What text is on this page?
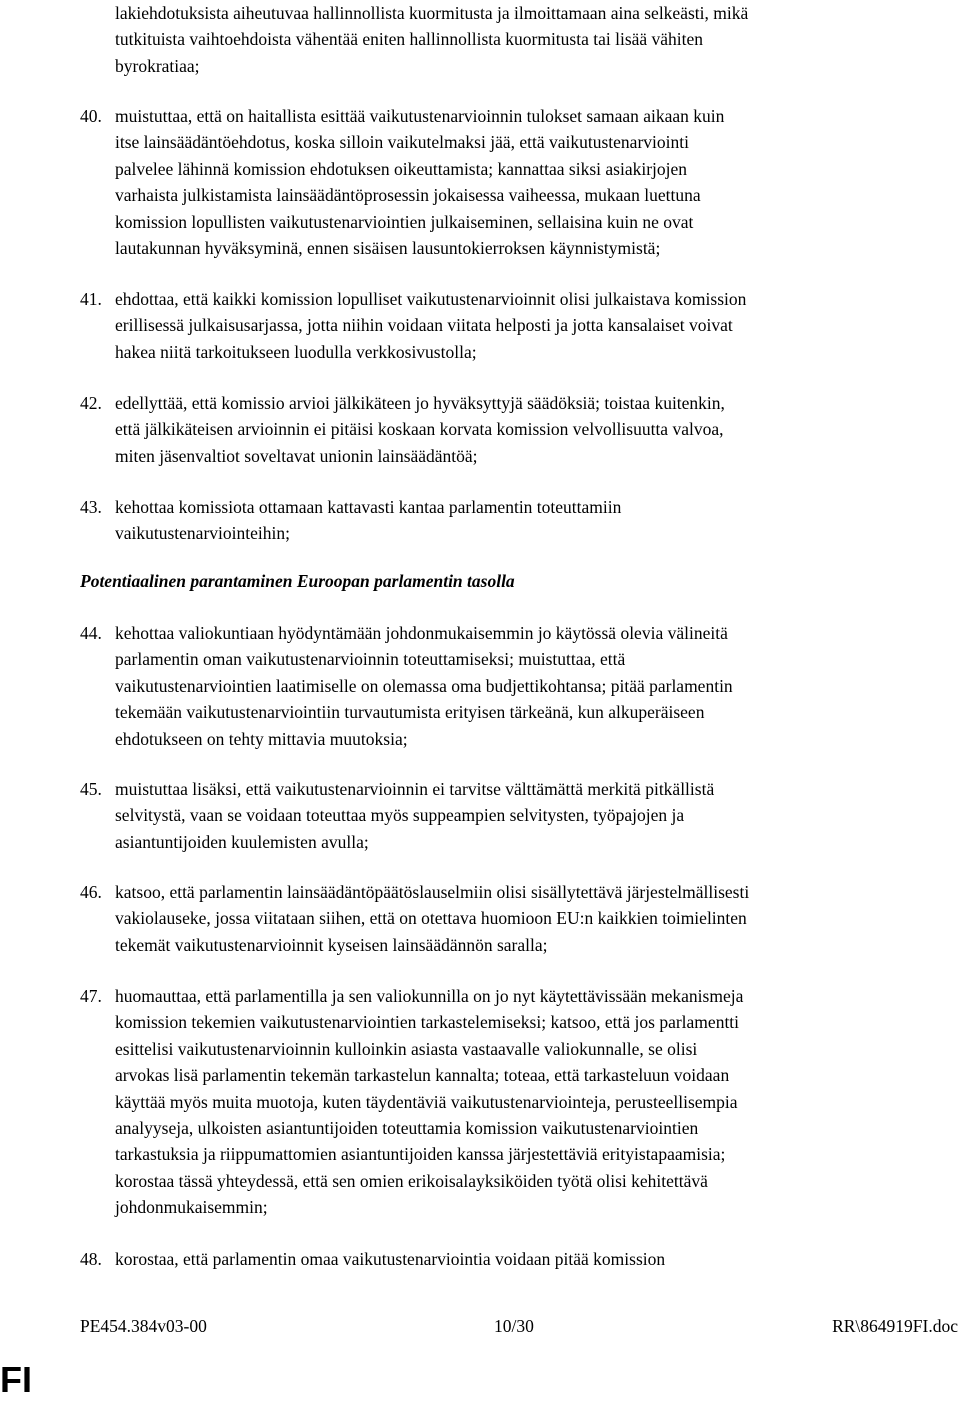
lakiehdotuksista aiheutuvaa hallinnollista kuormitusta ja ilmoittamaan aina selkeästi, mikä
tutkituista vaihtoehdoista vähentää eniten hallinnollista kuormitusta tai lisää vähiten
byrokratiaa;
40. muistuttaa, että on haitallista esittää vaikutustenarvioinnin tulokset samaan aikaan kuin
itse lainsäädäntöehdotus, koska silloin vaikutelmaksi jää, että vaikutustenarviointi
palvelee lähinnä komission ehdotuksen oikeuttamista; kannattaa siksi asiakirjojen
varhaista julkistamista lainsäädäntöprosessin jokaisessa vaiheessa, mukaan luettuna
komission lopullisten vaikutustenarviointien julkaiseminen, sellaisina kuin ne ovat
lautakunnan hyväksyminä, ennen sisäisen lausuntokierroksen käynnistymistä;
41. ehdottaa, että kaikki komission lopulliset vaikutustenarvioinnit olisi julkaistava komission
erillisessä julkaisusarjassa, jotta niihin voidaan viitata helposti ja jotta kansalaiset voivat
hakea niitä tarkoitukseen luodulla verkkosivustolla;
42. edellyttää, että komissio arvioi jälkikäteen jo hyväksyttyjä säädöksiä; toistaa kuitenkin,
että jälkikäteisen arvioinnin ei pitäisi koskaan korvata komission velvollisuutta valvoa,
miten jäsenvaltiot soveltavat unionin lainsäädäntöä;
43. kehottaa komissiota ottamaan kattavasti kantaa parlamentin toteuttamiin
vaikutustenarviointeihin;
Potentiaalinen parantaminen Euroopan parlamentin tasolla
44. kehottaa valiokuntiaan hyödyntämään johdonmukaisemmin jo käytössä olevia välineitä
parlamentin oman vaikutustenarvioinnin toteuttamiseksi; muistuttaa, että
vaikutustenarviointien laatimiselle on olemassa oma budjettikohtansa; pitää parlamentin
tekemään vaikutustenarviointiin turvautumista erityisen tärkeänä, kun alkuperäiseen
ehdotukseen on tehty mittavia muutoksia;
45. muistuttaa lisäksi, että vaikutustenarvioinnin ei tarvitse välttämättä merkitä pitkällistä
selvitystä, vaan se voidaan toteuttaa myös suppeampien selvitysten, työpajojen ja
asiantuntijoiden kuulemisten avulla;
46. katsoo, että parlamentin lainsäädäntöpäätöslauselmiin olisi sisällytettävä järjestelmällisesti
vakiolauseke, jossa viitataan siihen, että on otettava huomioon EU:n kaikkien toimielinten
tekemät vaikutustenarvioinnit kyseisen lainsäädännön saralla;
47. huomauttaa, että parlamentilla ja sen valiokunnilla on jo nyt käytettävissään mekanismeja
komission tekemien vaikutustenarviointien tarkastelemiseksi; katsoo, että jos parlamentti
esittelisi vaikutustenarvioinnin kulloinkin asiasta vastaavalle valiokunnalle, se olisi
arvokas lisä parlamentin tekemän tarkastelun kannalta; toteaa, että tarkasteluun voidaan
käyttää myös muita muotoja, kuten täydentäviä vaikutustenarviointeja, perusteellisempia
analyyseja, ulkoisten asiantuntijoiden toteuttamia komission vaikutustenarviointien
tarkastuksia ja riippumattomien asiantuntijoiden kanssa järjestettäviä erityistapaamisia;
korostaa tässä yhteydessä, että sen omien erikoisalayksiköiden työtä olisi kehitettävä
johdonmukaisemmin;
48. korostaa, että parlamentin omaa vaikutustenarviointia voidaan pitää komission
PE454.384v03-00	10/30	RR\864919FI.doc
FI
